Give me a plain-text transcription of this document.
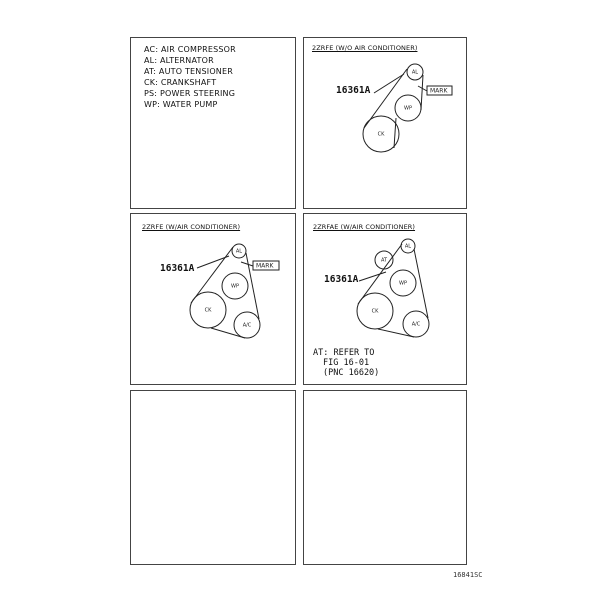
AC: AIR COMPRESSOR
AL: ALTERNATOR
AT: AUTO TENSIONER
CK: CRANKSHAFT
PS: POWER STEERING
WP: WATER PUMP
2ZRFE (W/O AIR CONDITIONER)
16361A
AL
WP
CK
MARK
2ZRFE (W/AIR CONDITIONER)
16361A
AL
WP
CK
A/C
MARK
2ZRFAE (W/AIR CONDITIONER)
16361A
AT
AL
WP
CK
A/C
AT: REFER TO
FIG 16-01
(PNC 16620)
16841SC
